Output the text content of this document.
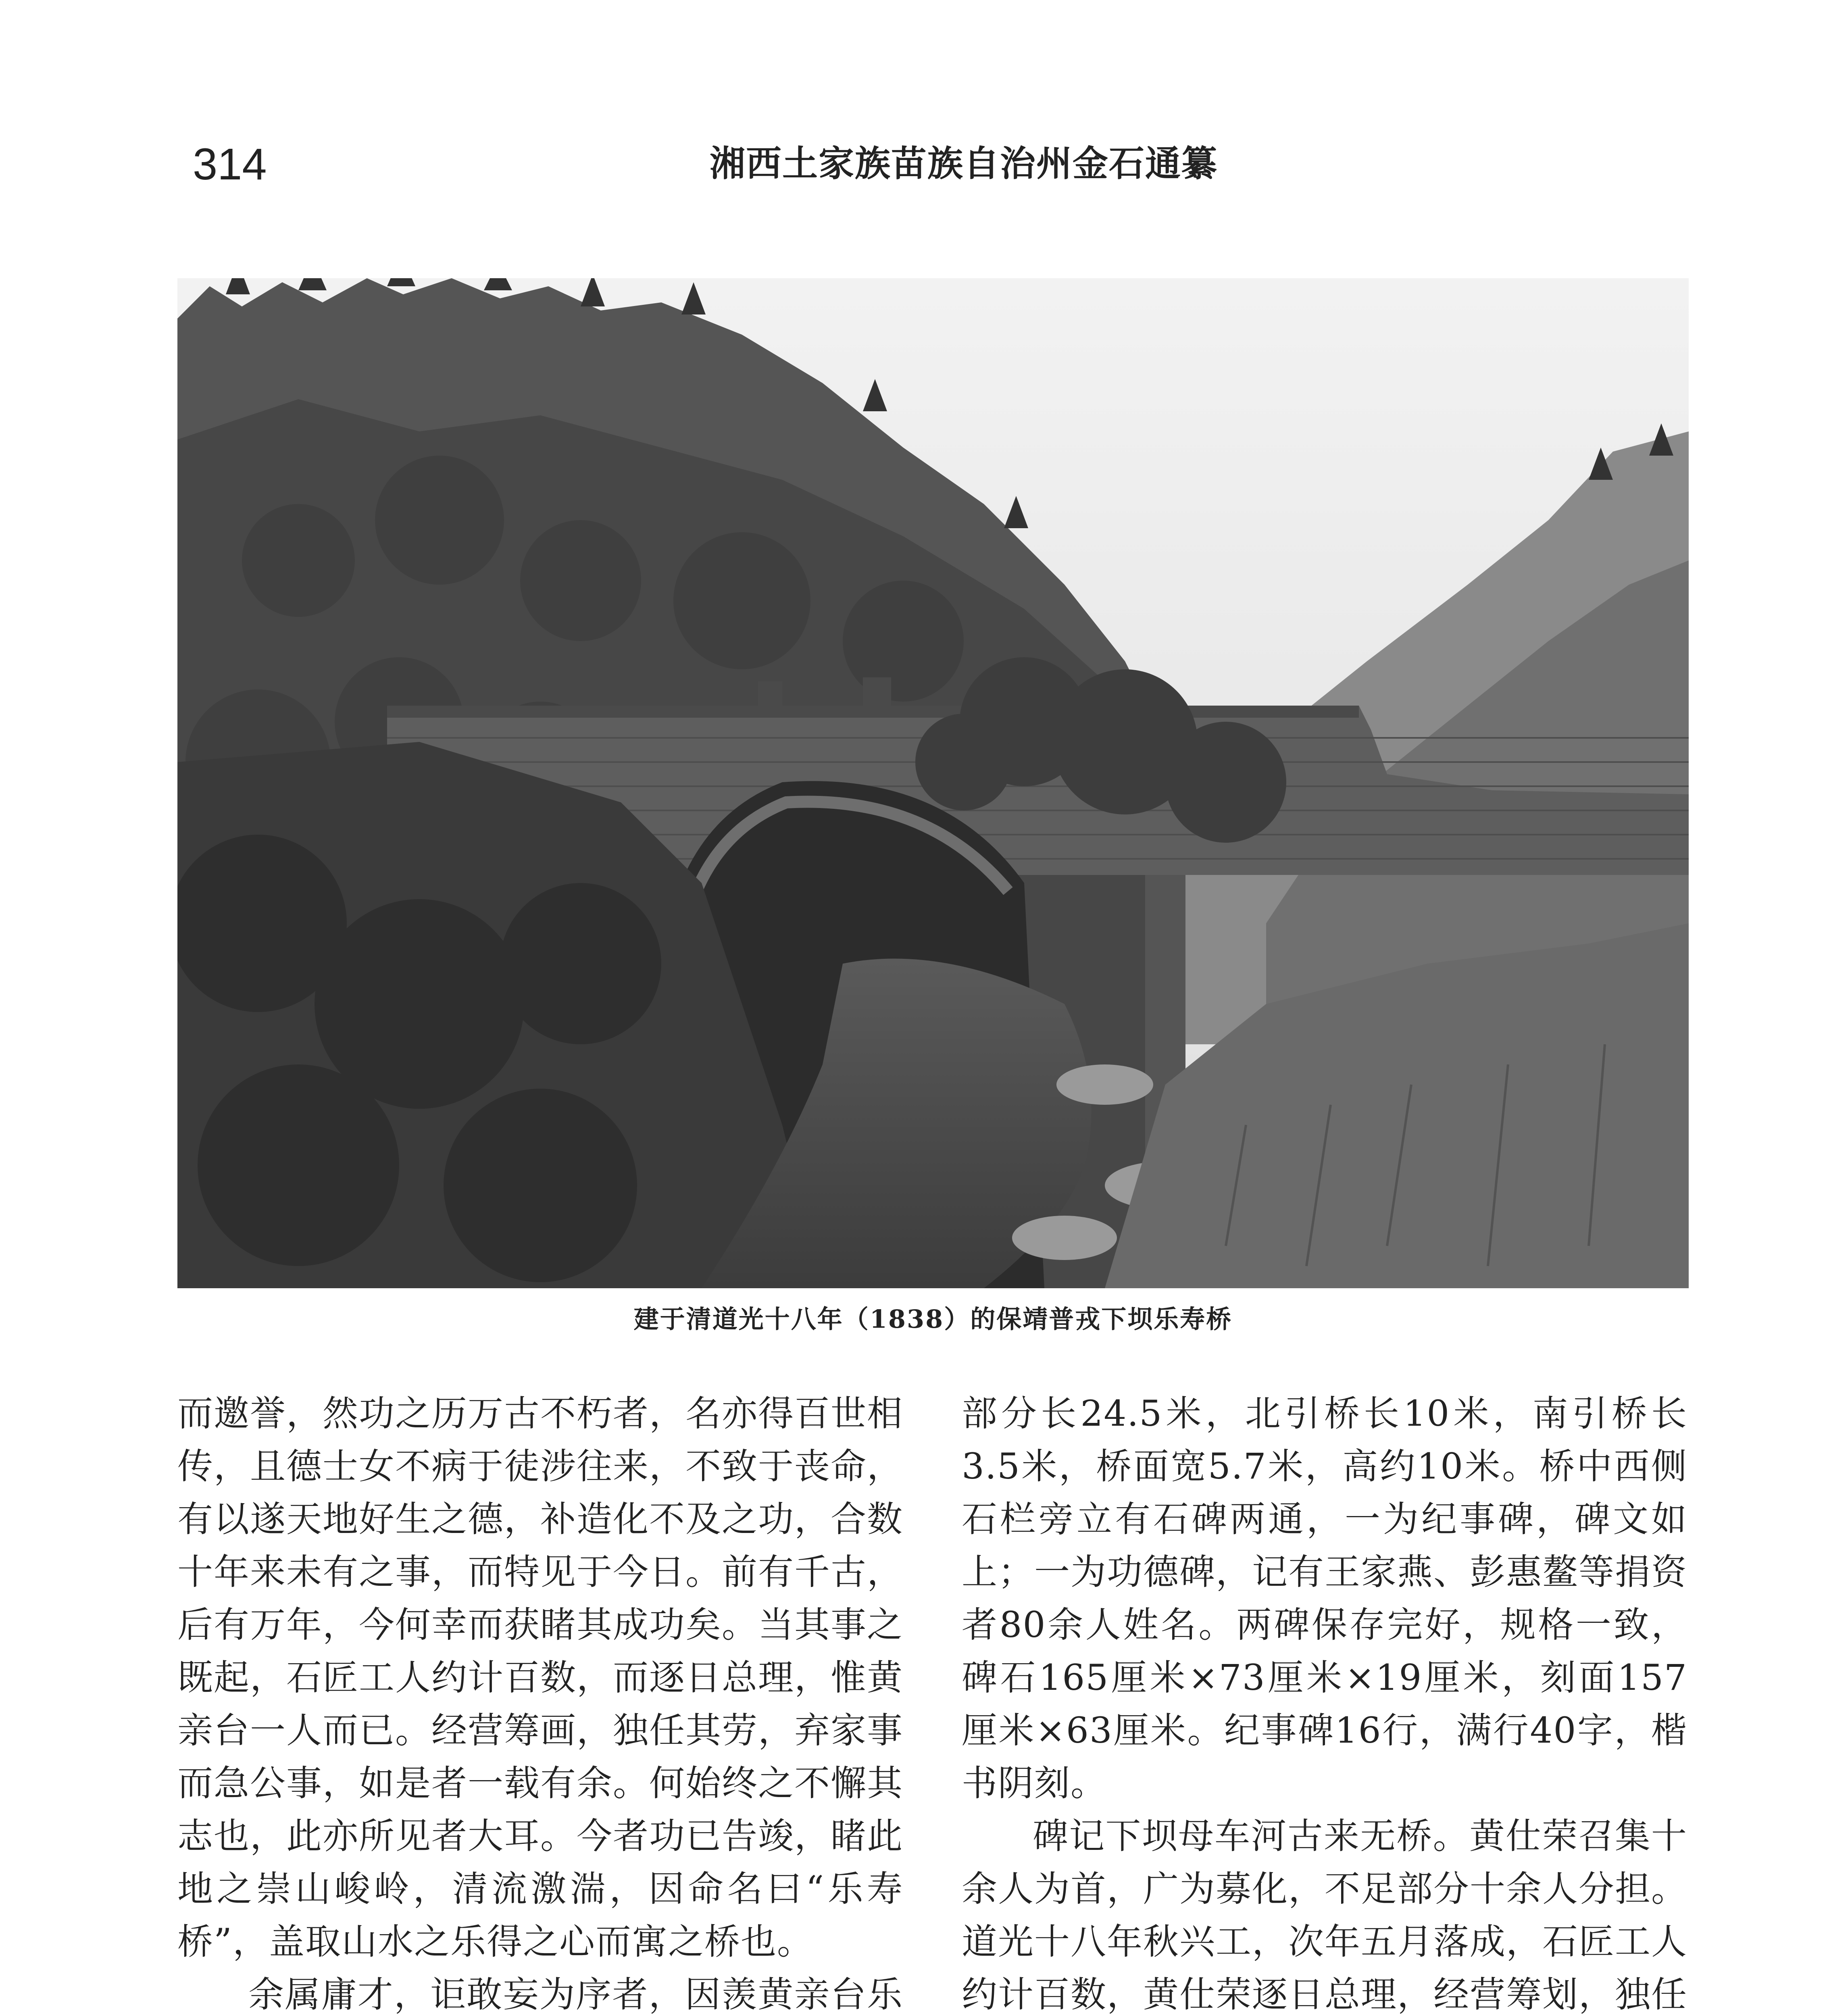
314	湘西土家族苗族自治州金石通纂
建于清道光十八年（1838）的保靖普戎下坝乐寿桥

而邀誉，然功之历万古不朽者，名亦得百世相传，且德士女不病于徒涉往来，不致于丧命，有以遂天地好生之德，补造化不及之功，合数十年来未有之事，而特见于今日。前有千古，后有万年，今何幸而获睹其成功矣。当其事之既起，石匠工人约计百数，而逐日总理，惟黄亲台一人而已。经营筹画，独任其劳，弃家事而急公事，如是者一载有余。何始终之不懈其志也，此亦所见者大耳。今者功已告竣，睹此地之崇山峻岭，清流激湍，因命名曰“乐寿桥”，盖取山水之乐得之心而寓之桥也。

余属庸才，讵敢妄为序者，因羡黄亲台乐

部分长24.5米，北引桥长10米，南引桥长3.5米，桥面宽5.7米，高约10米。桥中西侧石栏旁立有石碑两通，一为纪事碑，碑文如上；一为功德碑，记有王家燕、彭惠鳌等捐资者80余人姓名。两碑保存完好，规格一致，碑石165厘米×73厘米×19厘米，刻面157厘米×63厘米。纪事碑16行，满行40字，楷书阴刻。

碑记下坝母车河古来无桥。黄仕荣召集十余人为首，广为募化，不足部分十余人分担。道光十八年秋兴工，次年五月落成，石匠工人约计百数，黄仕荣逐日总理，经营筹划，独任
